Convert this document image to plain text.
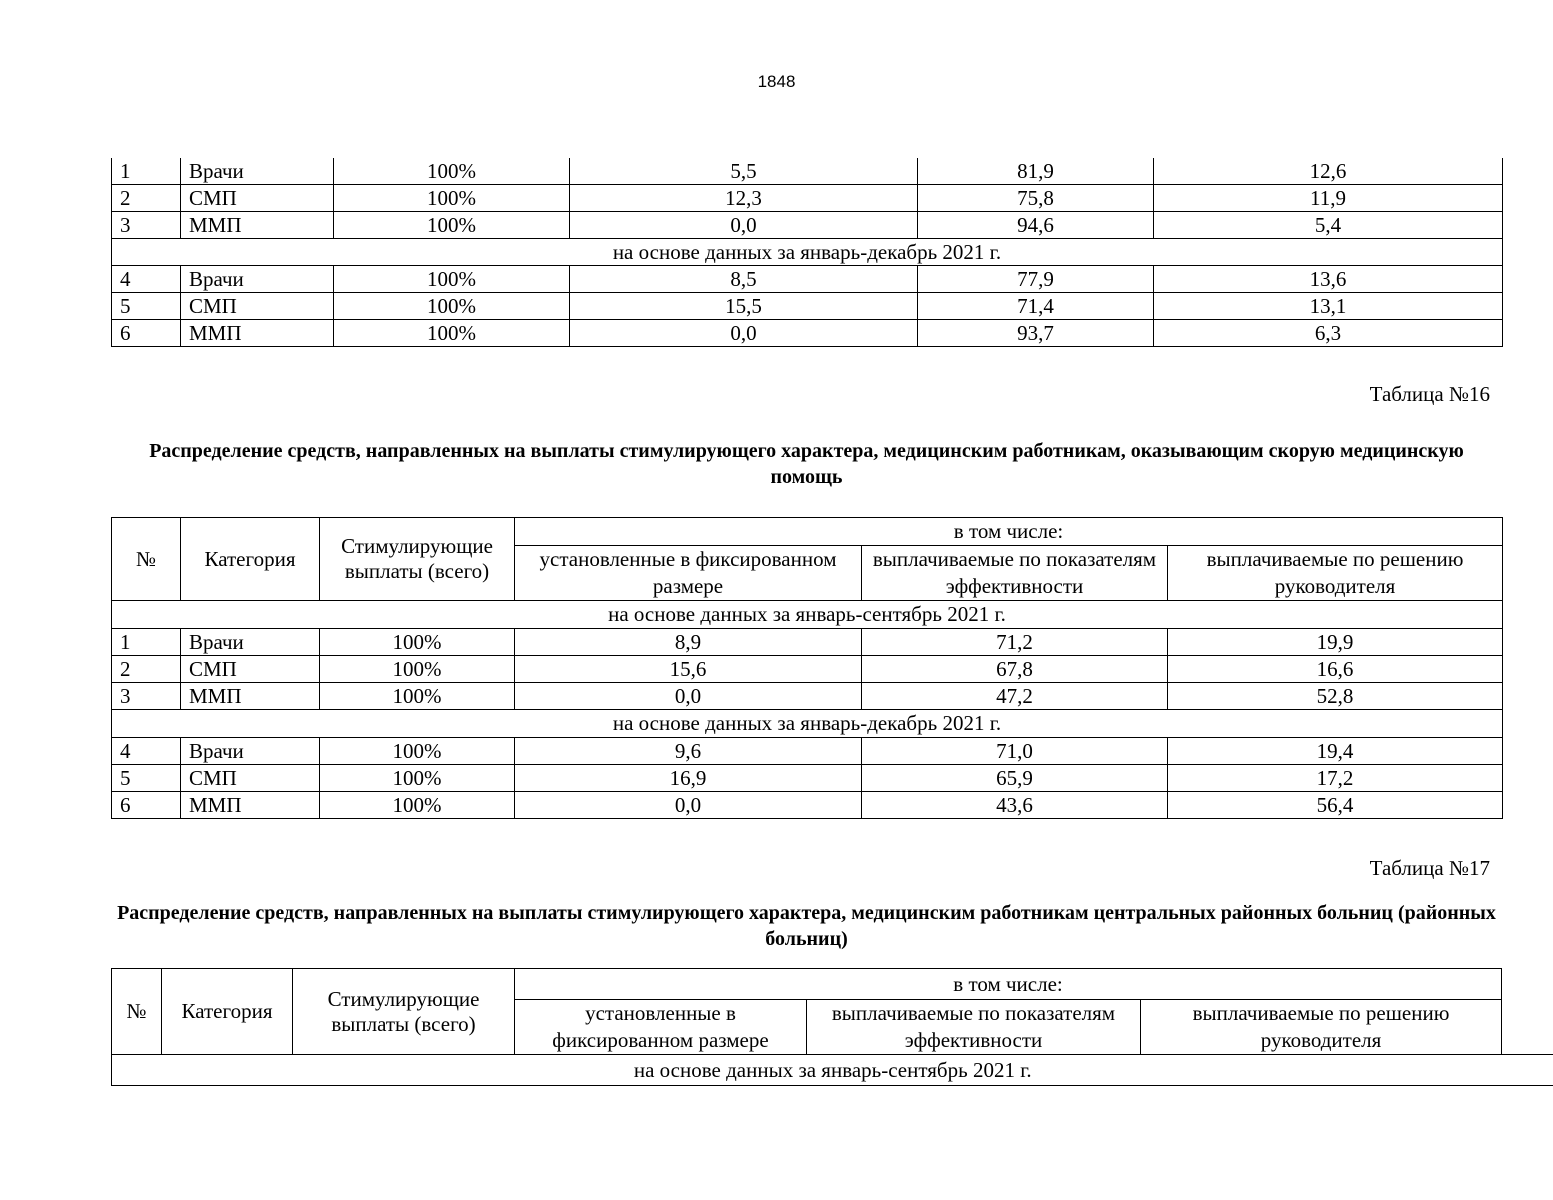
1848
1	Врачи	100%	5,5	81,9	12,6
2	СМП	100%	12,3	75,8	11,9
3	ММП	100%	0,0	94,6	5,4
на основе данных за январь-декабрь 2021 г.					
4	Врачи	100%	8,5	77,9	13,6
5	СМП	100%	15,5	71,4	13,1
6	ММП	100%	0,0	93,7	6,3
Таблица №16
Распределение средств, направленных на выплаты стимулирующего характера, медицинским работникам, оказывающим скорую медицинскую помощь
№	Категория	Стимулирующие выплаты (всего)	в том числе:		
			установленные в фиксированном размере	выплачиваемые по показателям эффективности	выплачиваемые по решению руководителя
на основе данных за январь-сентябрь 2021 г.					
1	Врачи	100%	8,9	71,2	19,9
2	СМП	100%	15,6	67,8	16,6
3	ММП	100%	0,0	47,2	52,8
на основе данных за январь-декабрь 2021 г.					
4	Врачи	100%	9,6	71,0	19,4
5	СМП	100%	16,9	65,9	17,2
6	ММП	100%	0,0	43,6	56,4
Таблица №17
Распределение средств, направленных на выплаты стимулирующего характера, медицинским работникам центральных районных больниц (районных больниц)
№	Категория	Стимулирующие выплаты (всего)	в том числе:			
			установленные в фиксированном размере	выплачиваемые по показателям эффективности	выплачиваемые по решению руководителя	
на основе данных за январь-сентябрь 2021 г.						
